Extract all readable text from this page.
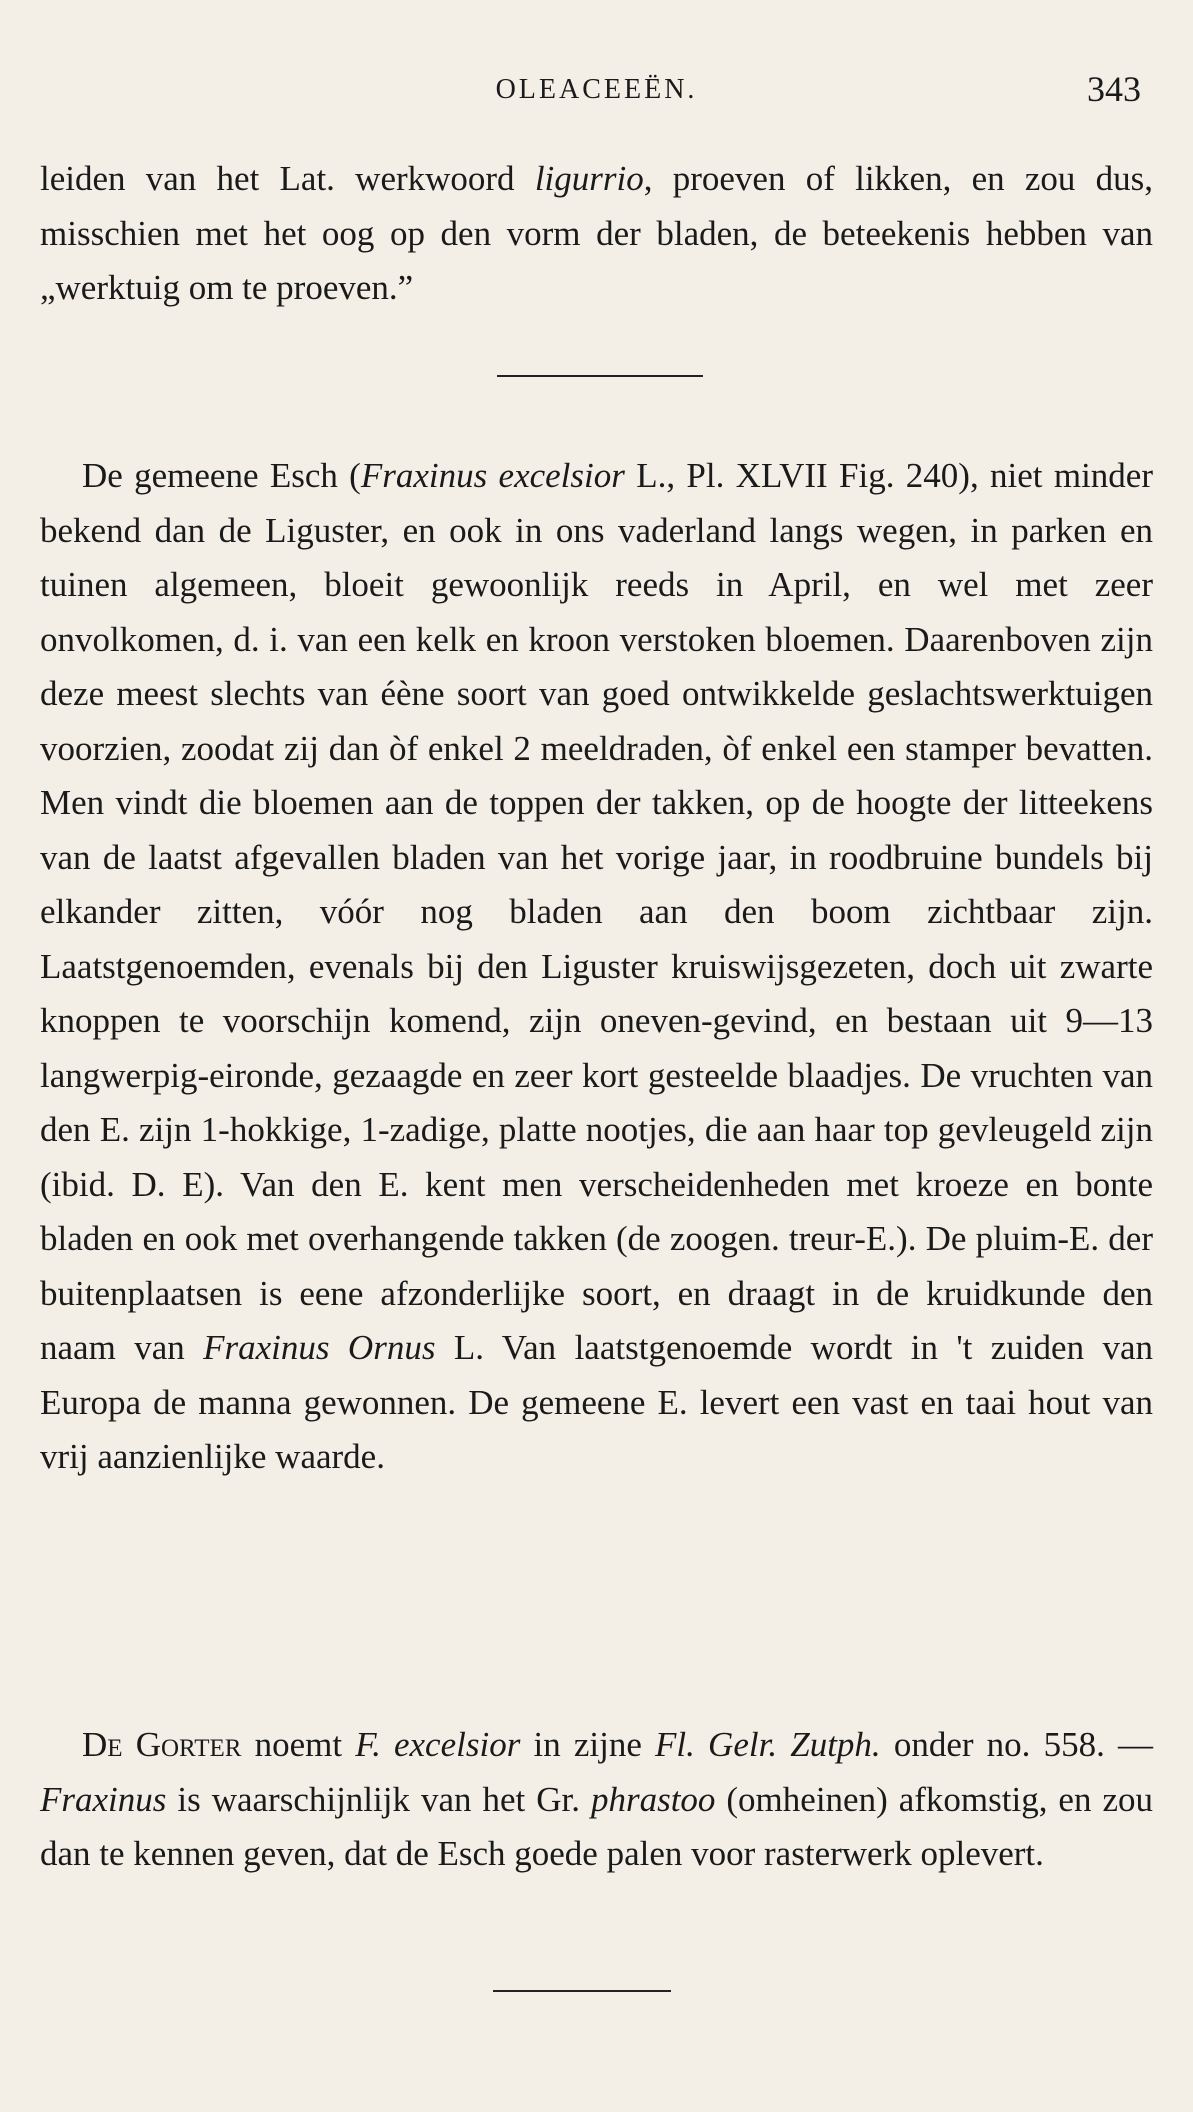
OLEACEEËN.	343

leiden van het Lat. werkwoord ligurrio, proeven of likken, en zou dus, misschien met het oog op den vorm der bladen, de beteekenis hebben van „werktuig om te proeven.”

De gemeene Esch (Fraxinus excelsior L., Pl. XLVII Fig. 240), niet minder bekend dan de Liguster, en ook in ons vaderland langs wegen, in parken en tuinen algemeen, bloeit gewoonlijk reeds in April, en wel met zeer onvolkomen, d. i. van een kelk en kroon verstoken bloemen. Daarenboven zijn deze meest slechts van éène soort van goed ontwikkelde geslachtswerktuigen voorzien, zoodat zij dan òf enkel 2 meeldraden, òf enkel een stamper bevatten. Men vindt die bloemen aan de toppen der takken, op de hoogte der litteekens van de laatst afgevallen bladen van het vorige jaar, in roodbruine bundels bij elkander zitten, vóór nog bladen aan den boom zichtbaar zijn. Laatstgenoemden, evenals bij den Liguster kruiswijsgezeten, doch uit zwarte knoppen te voorschijn komend, zijn oneven-gevind, en bestaan uit 9—13 langwerpig-eironde, gezaagde en zeer kort gesteelde blaadjes. De vruchten van den E. zijn 1-hokkige, 1-zadige, platte nootjes, die aan haar top gevleugeld zijn (ibid. D. E). Van den E. kent men verscheidenheden met kroeze en bonte bladen en ook met overhangende takken (de zoogen. treur-E.). De pluim-E. der buitenplaatsen is eene afzonderlijke soort, en draagt in de kruidkunde den naam van Fraxinus Ornus L. Van laatstgenoemde wordt in 't zuiden van Europa de manna gewonnen. De gemeene E. levert een vast en taai hout van vrij aanzienlijke waarde.

De Gorter noemt F. excelsior in zijne Fl. Gelr. Zutph. onder no. 558. — Fraxinus is waarschijnlijk van het Gr. phrastoo (omheinen) afkomstig, en zou dan te kennen geven, dat de Esch goede palen voor rasterwerk oplevert.
